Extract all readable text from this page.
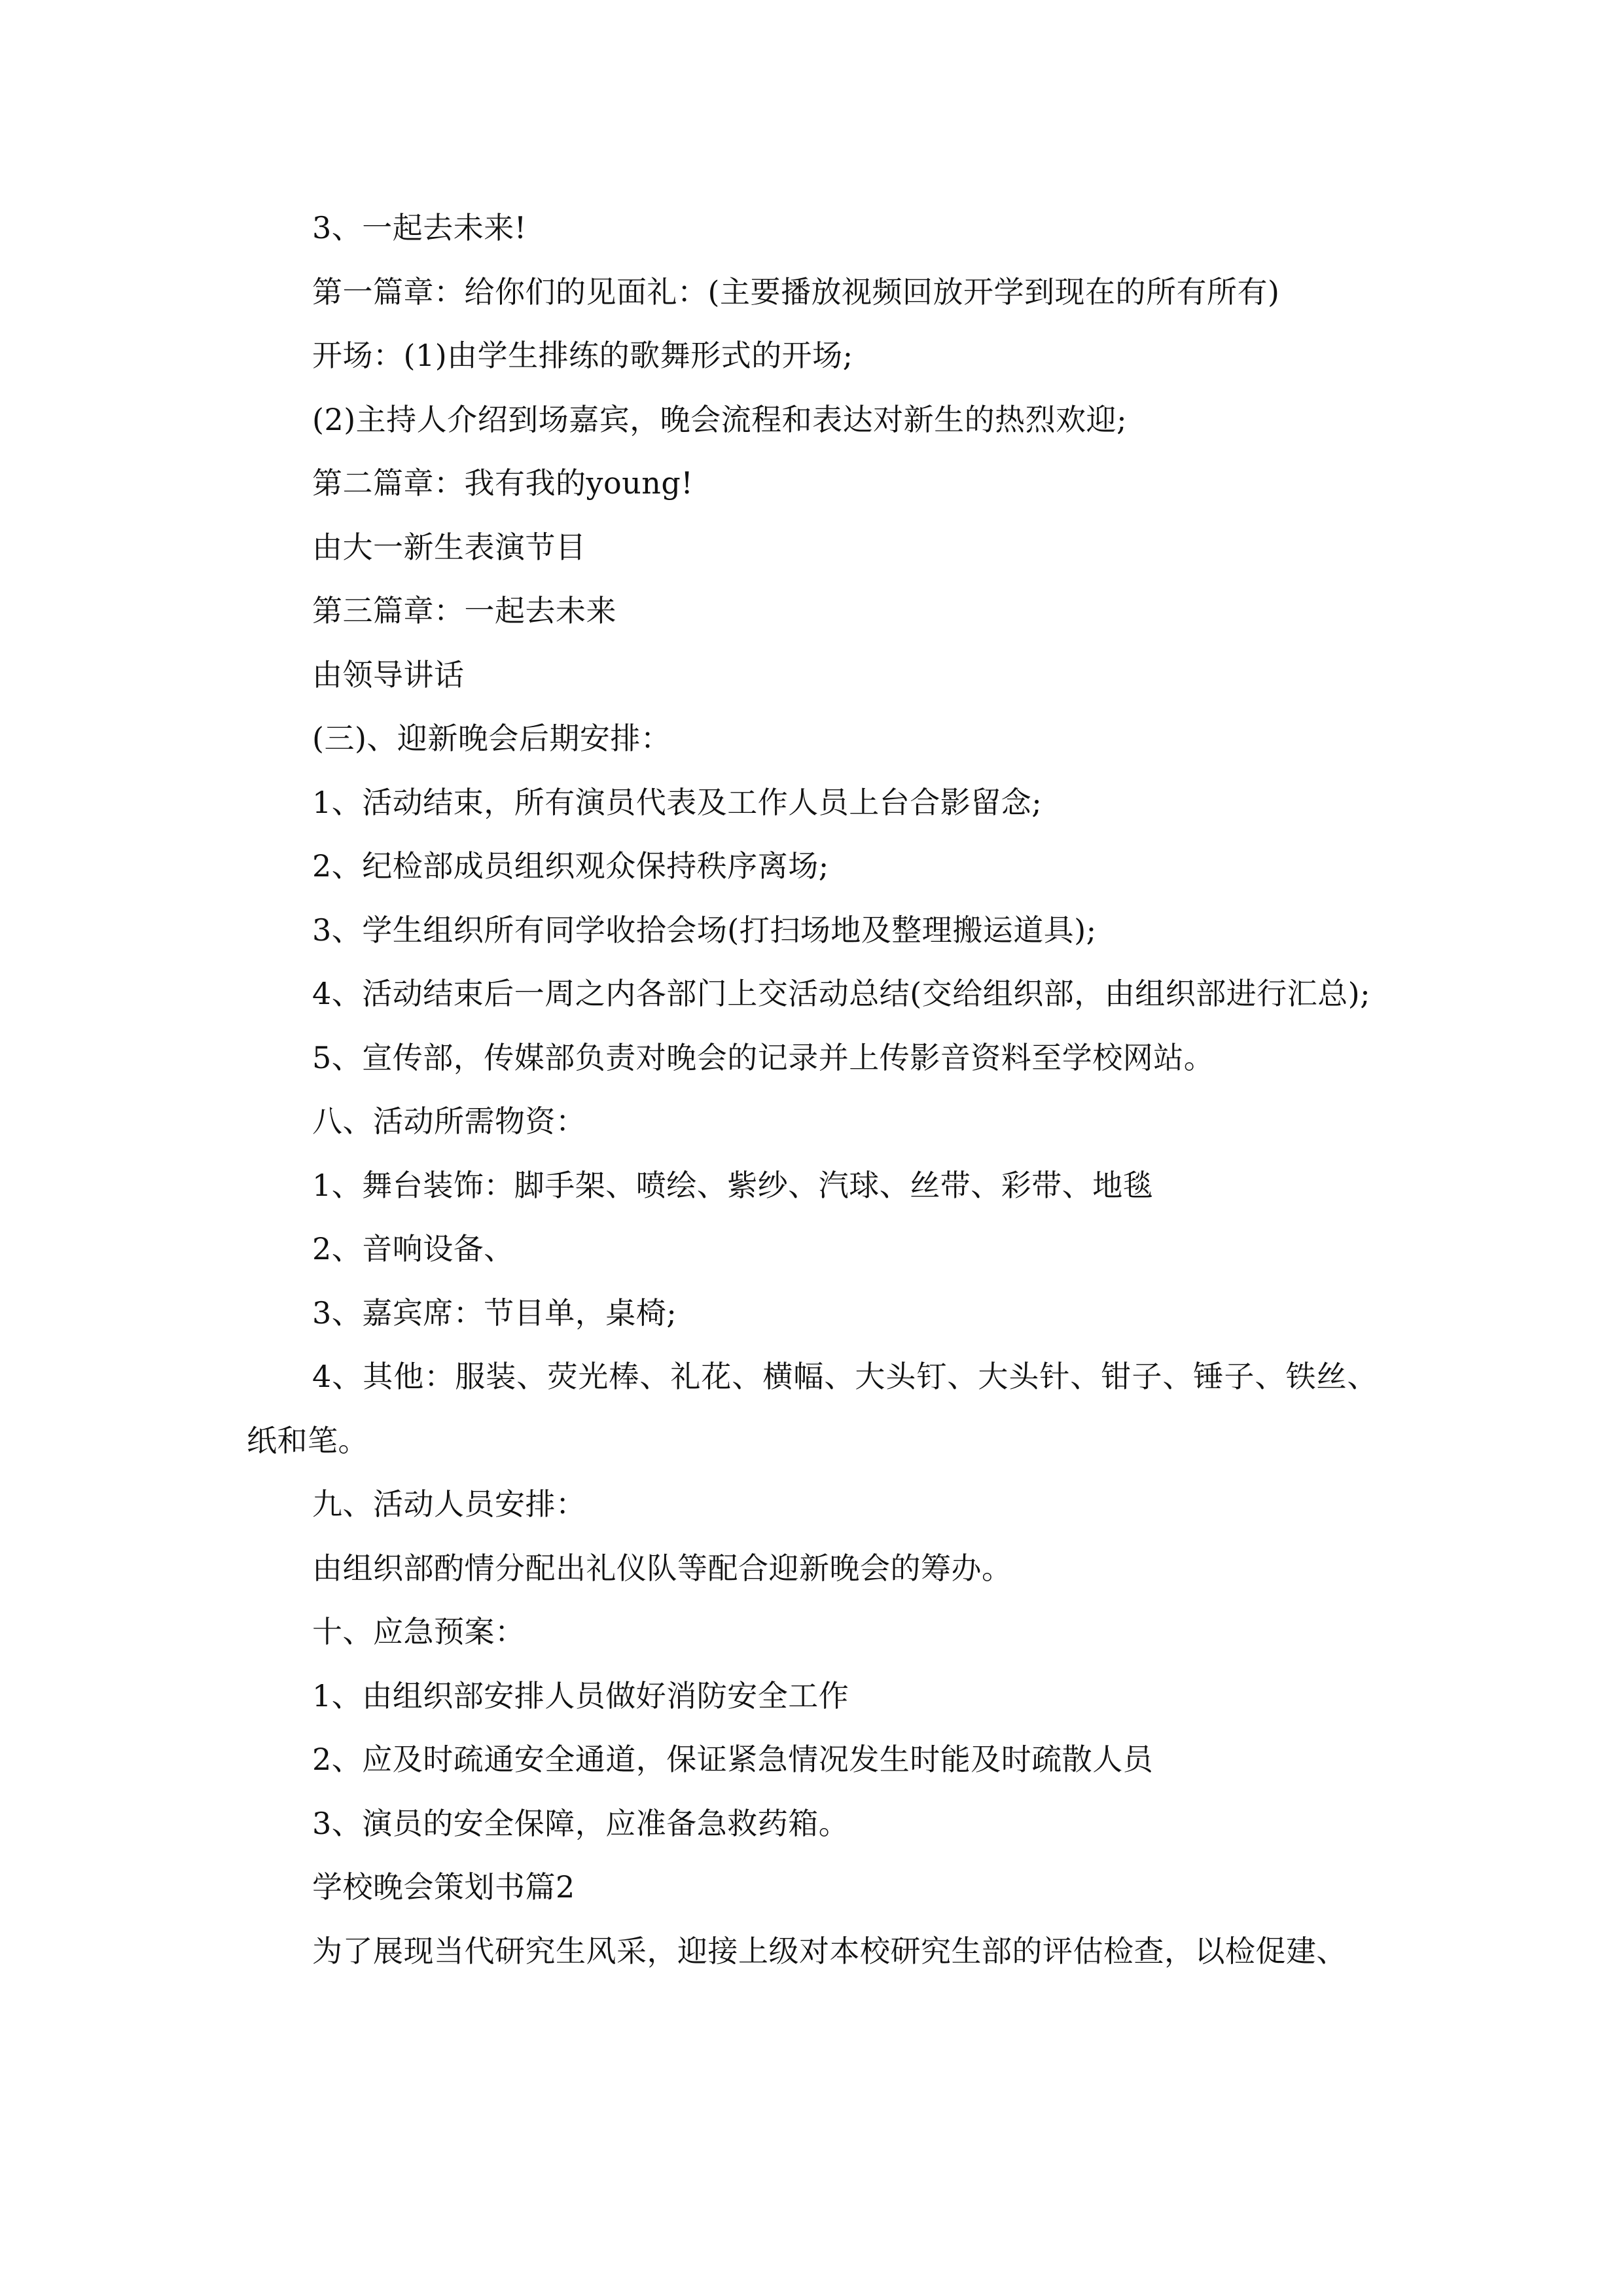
3、一起去未来!

第一篇章：给你们的见面礼：(主要播放视频回放开学到现在的所有所有)

开场：(1)由学生排练的歌舞形式的开场;

(2)主持人介绍到场嘉宾，晚会流程和表达对新生的热烈欢迎;

第二篇章：我有我的young!

由大一新生表演节目

第三篇章：一起去未来

由领导讲话

(三)、迎新晚会后期安排：

1、活动结束，所有演员代表及工作人员上台合影留念;

2、纪检部成员组织观众保持秩序离场;

3、学生组织所有同学收拾会场(打扫场地及整理搬运道具);

4、活动结束后一周之内各部门上交活动总结(交给组织部，由组织部进行汇总);

5、宣传部，传媒部负责对晚会的记录并上传影音资料至学校网站。

八、活动所需物资：

1、舞台装饰：脚手架、喷绘、紫纱、汽球、丝带、彩带、地毯

2、音响设备、

3、嘉宾席：节目单，桌椅;

4、其他：服装、荧光棒、礼花、横幅、大头钉、大头针、钳子、锤子、铁丝、纸和笔。

九、活动人员安排：

由组织部酌情分配出礼仪队等配合迎新晚会的筹办。

十、应急预案：

1、由组织部安排人员做好消防安全工作

2、应及时疏通安全通道，保证紧急情况发生时能及时疏散人员

3、演员的安全保障，应准备急救药箱。

学校晚会策划书篇2

为了展现当代研究生风采，迎接上级对本校研究生部的评估检查，以检促建、
